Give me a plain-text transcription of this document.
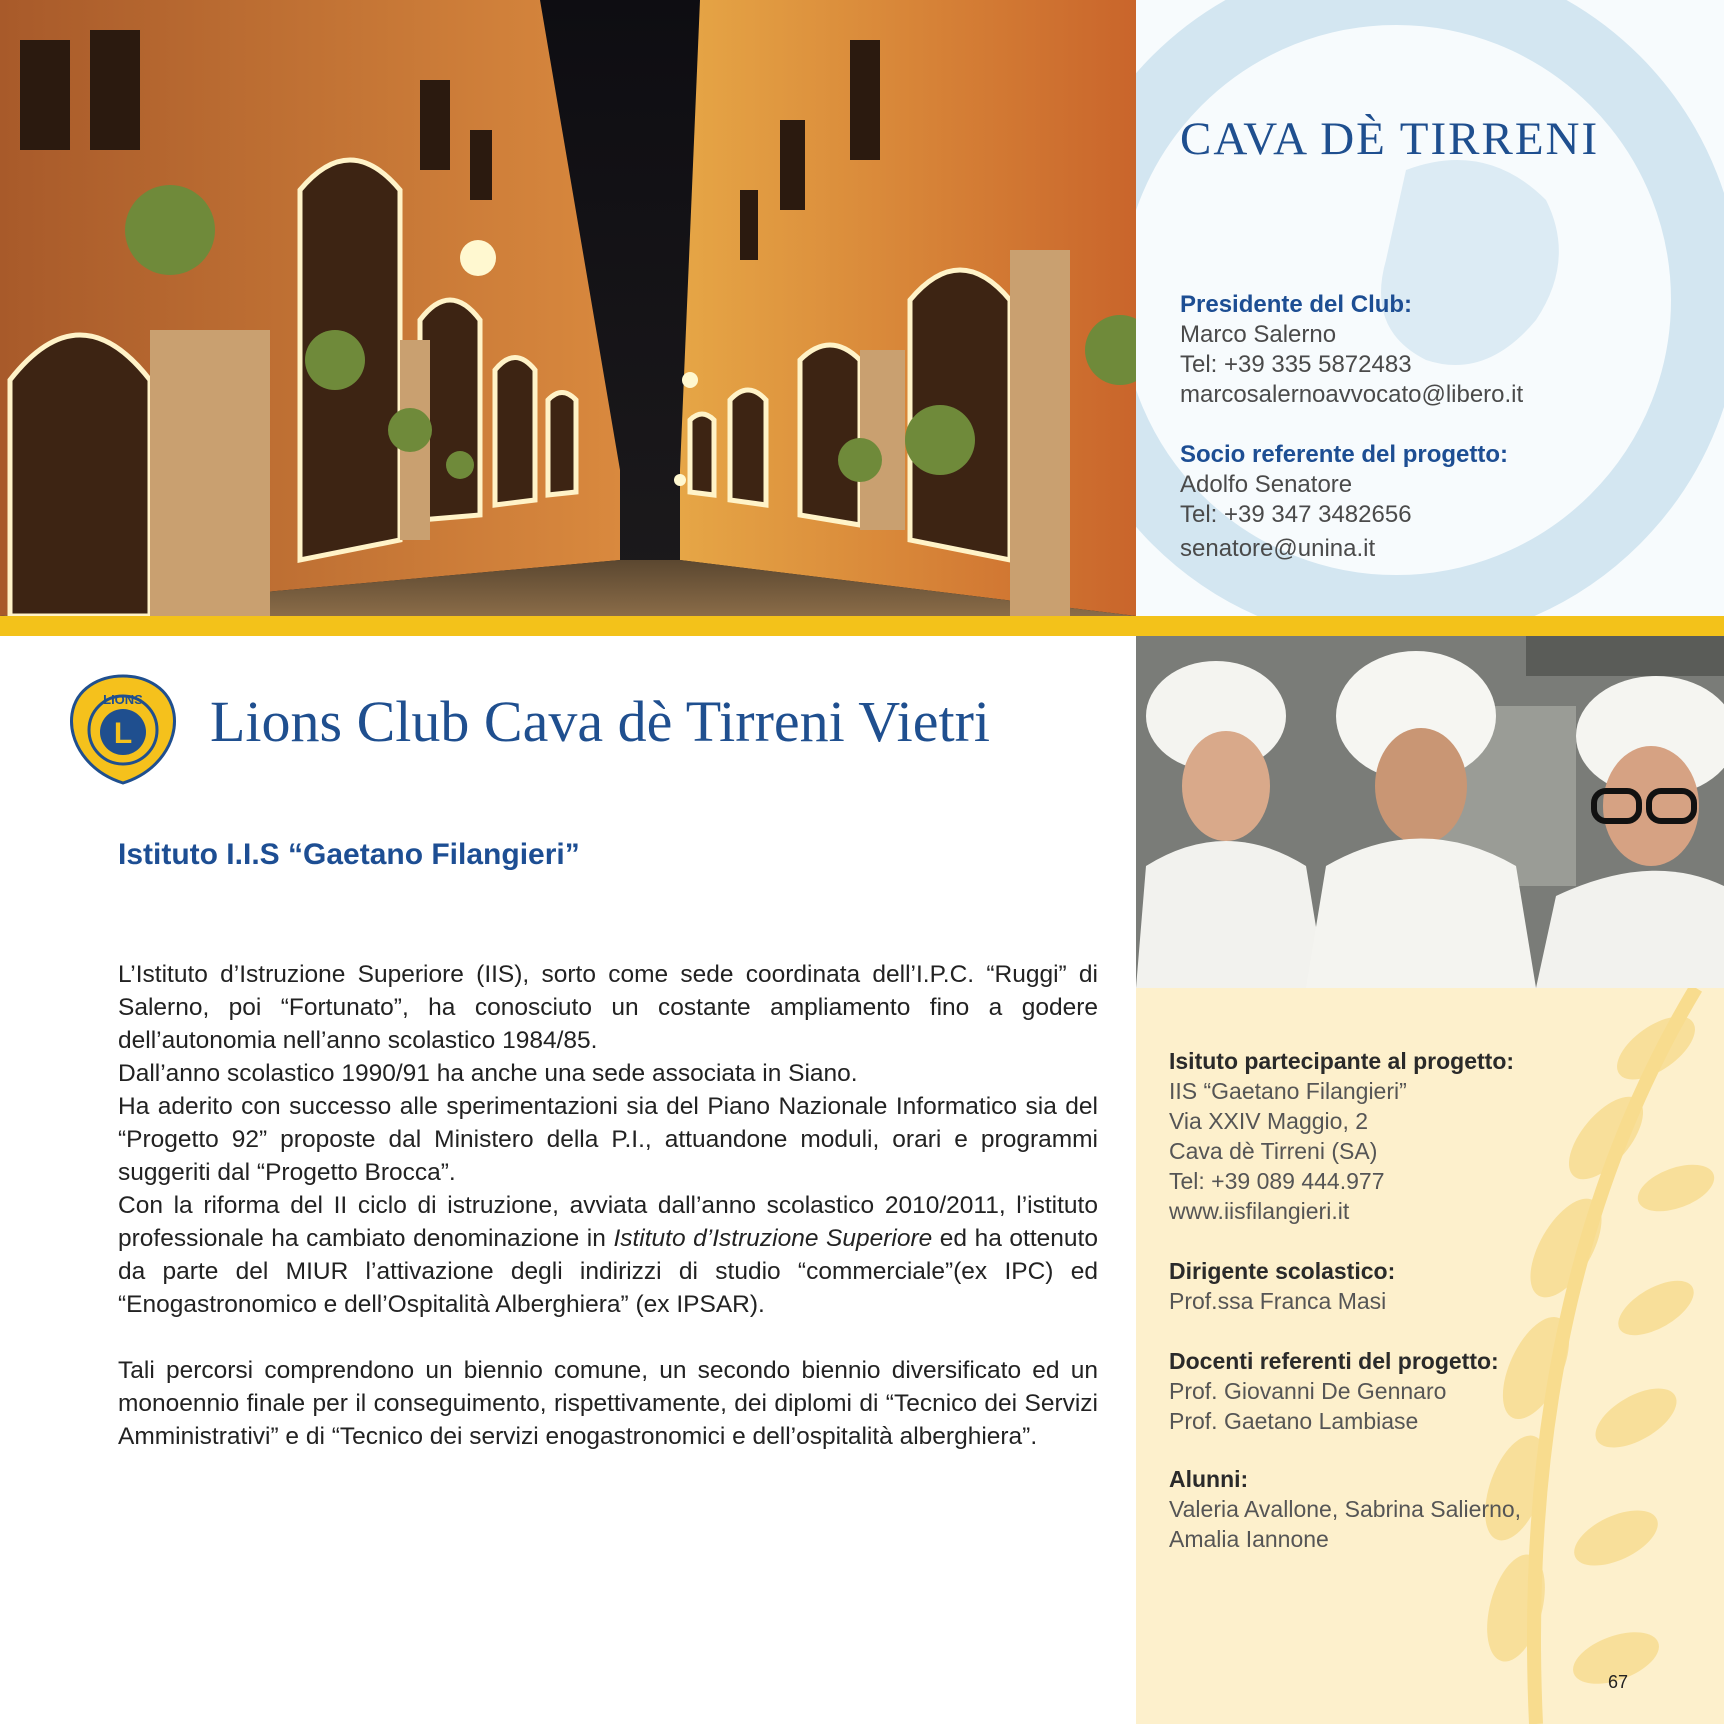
CAVA DÈ TIRRENI
Presidente del Club:
Marco Salerno
Tel: +39 335 5872483
marcosalernoavvocato@libero.it
Socio referente del progetto:
Adolfo Senatore
Tel: +39 347 3482656
senatore@unina.it
LIONS
L Lions Club Cava dè Tirreni Vietri
Istituto I.I.S “Gaetano Filangieri”

L’Istituto d’Istruzione Superiore (IIS), sorto come sede coordinata dell’I.P.C. “Ruggi” di Salerno, poi “Fortunato”, ha conosciuto un costante ampliamento fino a godere dell’autonomia nell’anno scolastico 1984/85.
Dall’anno scolastico 1990/91 ha anche una sede associata in Siano.
Ha aderito con successo alle sperimentazioni sia del Piano Nazionale Informatico sia del “Progetto 92” proposte dal Ministero della P.I., attuandone moduli, orari e programmi suggeriti dal “Progetto Brocca”.
Con la riforma del II ciclo di istruzione, avviata dall’anno scolastico 2010/2011, l’istituto professionale ha cambiato denominazione in Istituto d’Istruzione Superiore ed ha ottenuto da parte del MIUR l’attivazione degli indirizzi di studio “commerciale”(ex IPC) ed “Enogastronomico e dell’Ospitalità Alberghiera” (ex IPSAR).

Tali percorsi comprendono un biennio comune, un secondo biennio diversificato ed un monoennio finale per il conseguimento, rispettivamente, dei diplomi di “Tecnico dei Servizi Amministrativi” e di “Tecnico dei servizi enogastronomici e dell’ospitalità alberghiera”.

Isituto partecipante al progetto:
IIS “Gaetano Filangieri”
Via XXIV Maggio, 2
Cava dè Tirreni (SA)
Tel: +39 089 444.977
www.iisfilangieri.it
Dirigente scolastico:
Prof.ssa Franca Masi
Docenti referenti del progetto:
Prof. Giovanni De Gennaro
Prof. Gaetano Lambiase
Alunni:
Valeria Avallone, Sabrina Salierno,
Amalia Iannone
67
